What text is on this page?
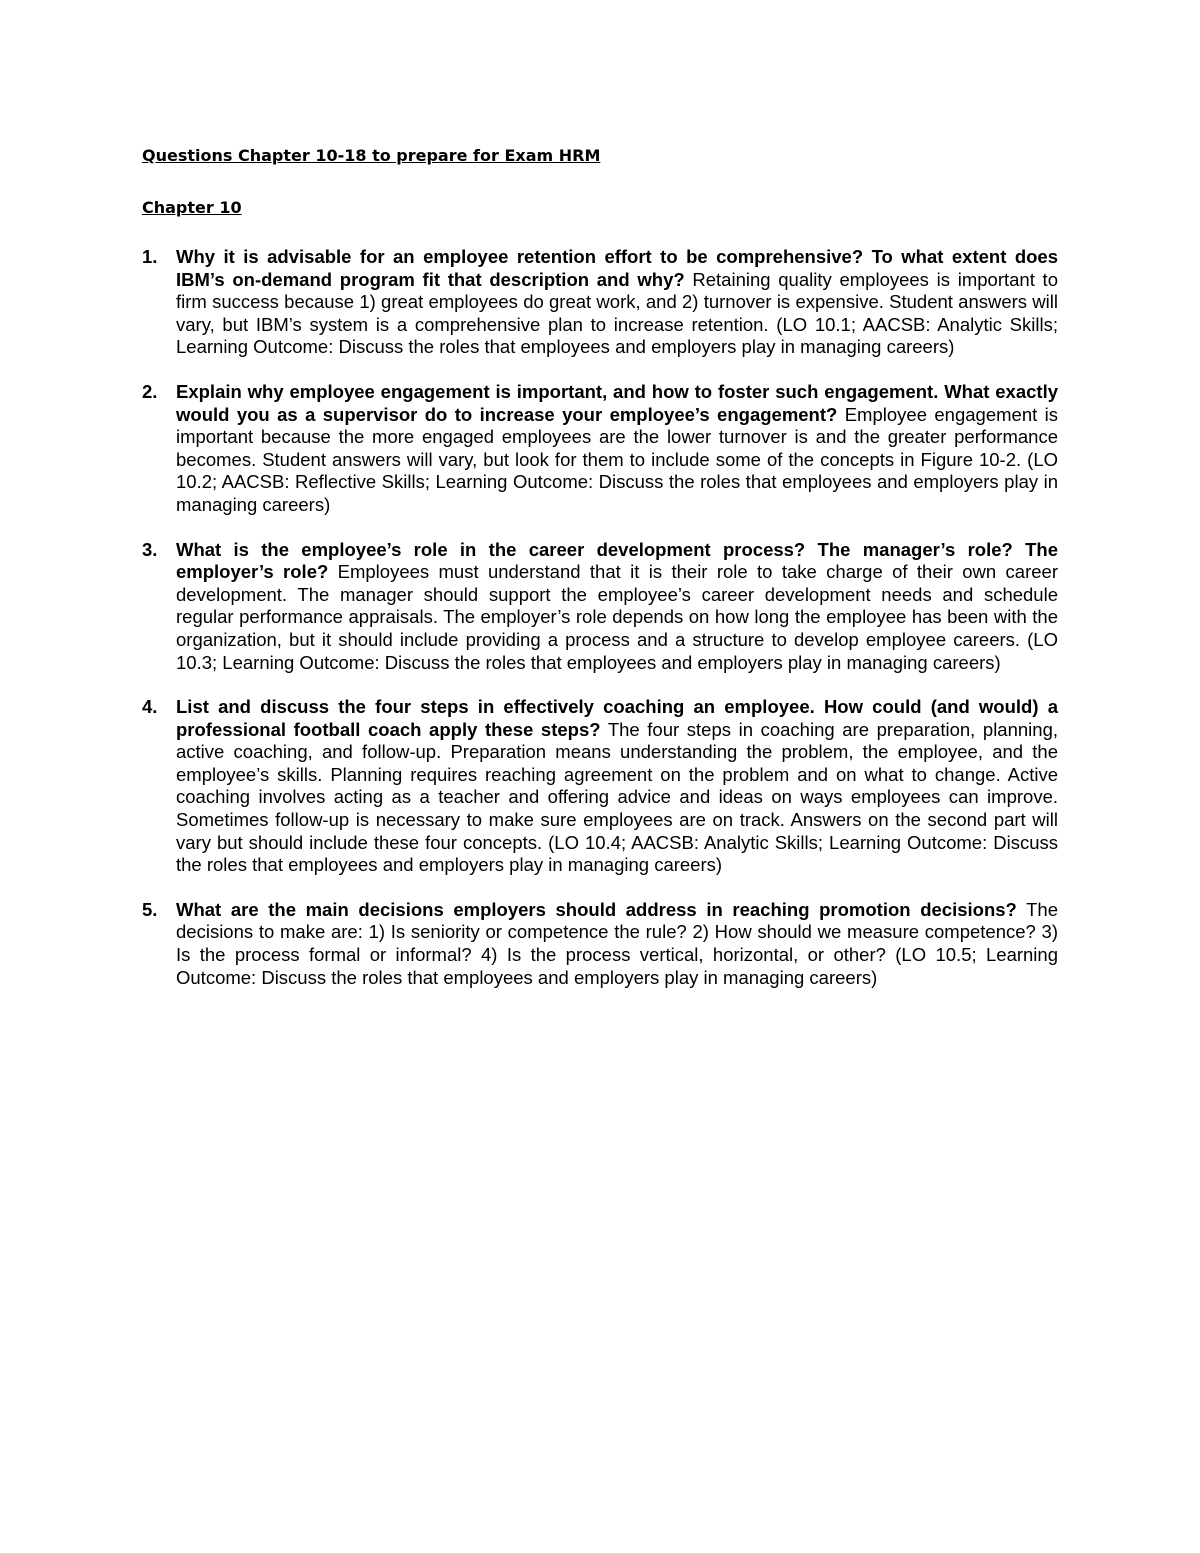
Questions Chapter 10-18 to prepare for Exam HRM
Chapter 10
1. Why it is advisable for an employee retention effort to be comprehensive? To what extent does IBM’s on-demand program fit that description and why? Retaining quality employees is important to firm success because 1) great employees do great work, and 2) turnover is expensive. Student answers will vary, but IBM’s system is a comprehensive plan to increase retention. (LO 10.1; AACSB: Analytic Skills; Learning Outcome: Discuss the roles that employees and employers play in managing careers)
2. Explain why employee engagement is important, and how to foster such engagement. What exactly would you as a supervisor do to increase your employee’s engagement? Employee engagement is important because the more engaged employees are the lower turnover is and the greater performance becomes. Student answers will vary, but look for them to include some of the concepts in Figure 10-2. (LO 10.2; AACSB: Reflective Skills; Learning Outcome: Discuss the roles that employees and employers play in managing careers)
3. What is the employee’s role in the career development process? The manager’s role? The employer’s role? Employees must understand that it is their role to take charge of their own career development. The manager should support the employee’s career development needs and schedule regular performance appraisals. The employer’s role depends on how long the employee has been with the organization, but it should include providing a process and a structure to develop employee careers. (LO 10.3; Learning Outcome: Discuss the roles that employees and employers play in managing careers)
4. List and discuss the four steps in effectively coaching an employee. How could (and would) a professional football coach apply these steps? The four steps in coaching are preparation, planning, active coaching, and follow-up. Preparation means understanding the problem, the employee, and the employee’s skills. Planning requires reaching agreement on the problem and on what to change. Active coaching involves acting as a teacher and offering advice and ideas on ways employees can improve. Sometimes follow-up is necessary to make sure employees are on track. Answers on the second part will vary but should include these four concepts. (LO 10.4; AACSB: Analytic Skills; Learning Outcome: Discuss the roles that employees and employers play in managing careers)
5. What are the main decisions employers should address in reaching promotion decisions? The decisions to make are: 1) Is seniority or competence the rule? 2) How should we measure competence? 3) Is the process formal or informal? 4) Is the process vertical, horizontal, or other? (LO 10.5; Learning Outcome: Discuss the roles that employees and employers play in managing careers)
